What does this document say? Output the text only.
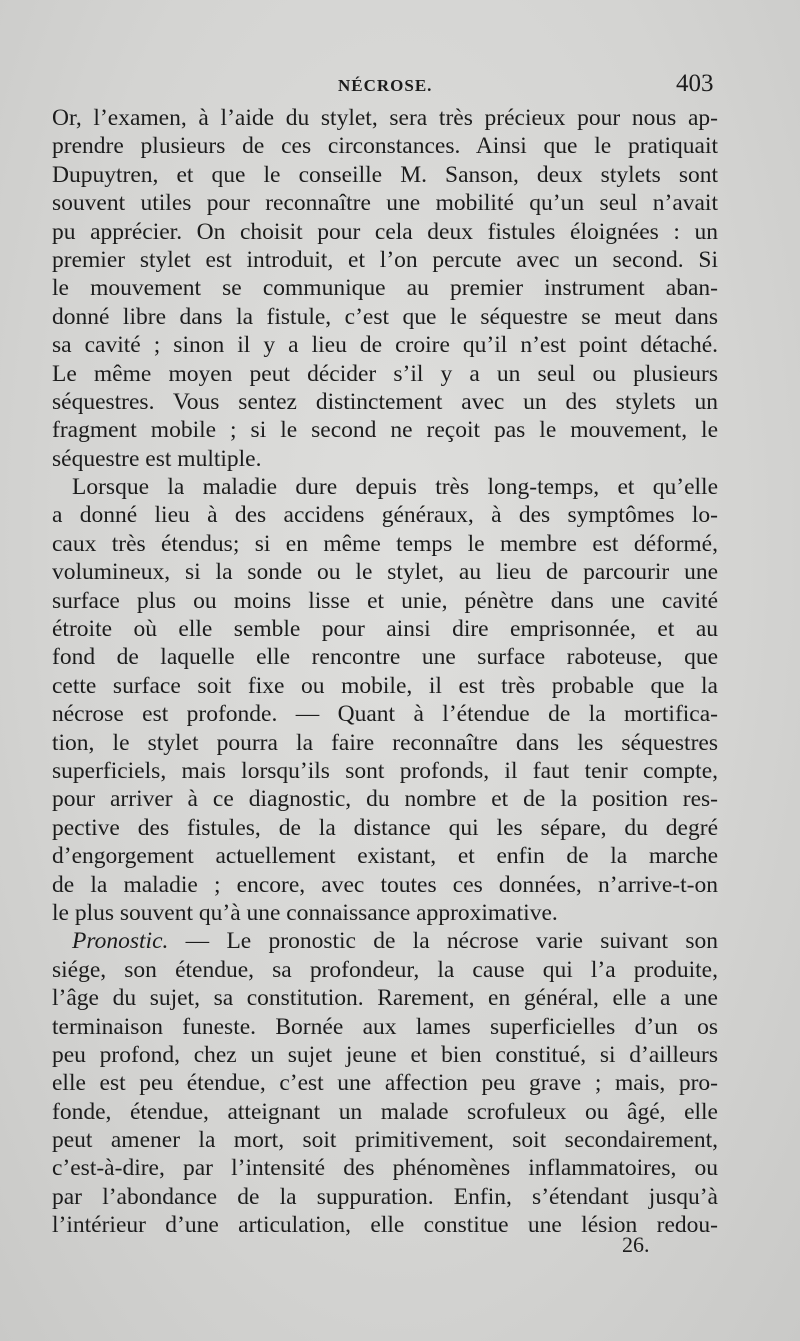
NÉCROSE.	403
Or, l’examen, à l’aide du stylet, sera très précieux pour nous ap-
prendre plusieurs de ces circonstances. Ainsi que le pratiquait
Dupuytren, et que le conseille M. Sanson, deux stylets sont
souvent utiles pour reconnaître une mobilité qu’un seul n’avait
pu apprécier. On choisit pour cela deux fistules éloignées : un
premier stylet est introduit, et l’on percute avec un second. Si
le mouvement se communique au premier instrument aban-
donné libre dans la fistule, c’est que le séquestre se meut dans
sa cavité ; sinon il y a lieu de croire qu’il n’est point détaché.
Le même moyen peut décider s’il y a un seul ou plusieurs
séquestres. Vous sentez distinctement avec un des stylets un
fragment mobile ; si le second ne reçoit pas le mouvement, le
séquestre est multiple.
Lorsque la maladie dure depuis très long-temps, et qu’elle
a donné lieu à des accidens généraux, à des symptômes lo-
caux très étendus; si en même temps le membre est déformé,
volumineux, si la sonde ou le stylet, au lieu de parcourir une
surface plus ou moins lisse et unie, pénètre dans une cavité
étroite où elle semble pour ainsi dire emprisonnée, et au
fond de laquelle elle rencontre une surface raboteuse, que
cette surface soit fixe ou mobile, il est très probable que la
nécrose est profonde. — Quant à l’étendue de la mortifica-
tion, le stylet pourra la faire reconnaître dans les séquestres
superficiels, mais lorsqu’ils sont profonds, il faut tenir compte,
pour arriver à ce diagnostic, du nombre et de la position res-
pective des fistules, de la distance qui les sépare, du degré
d’engorgement actuellement existant, et enfin de la marche
de la maladie ; encore, avec toutes ces données, n’arrive-t-on
le plus souvent qu’à une connaissance approximative.
Pronostic. — Le pronostic de la nécrose varie suivant son
siége, son étendue, sa profondeur, la cause qui l’a produite,
l’âge du sujet, sa constitution. Rarement, en général, elle a une
terminaison funeste. Bornée aux lames superficielles d’un os
peu profond, chez un sujet jeune et bien constitué, si d’ailleurs
elle est peu étendue, c’est une affection peu grave ; mais, pro-
fonde, étendue, atteignant un malade scrofuleux ou âgé, elle
peut amener la mort, soit primitivement, soit secondairement,
c’est-à-dire, par l’intensité des phénomènes inflammatoires, ou
par l’abondance de la suppuration. Enfin, s’étendant jusqu’à
l’intérieur d’une articulation, elle constitue une lésion redou-
26.
